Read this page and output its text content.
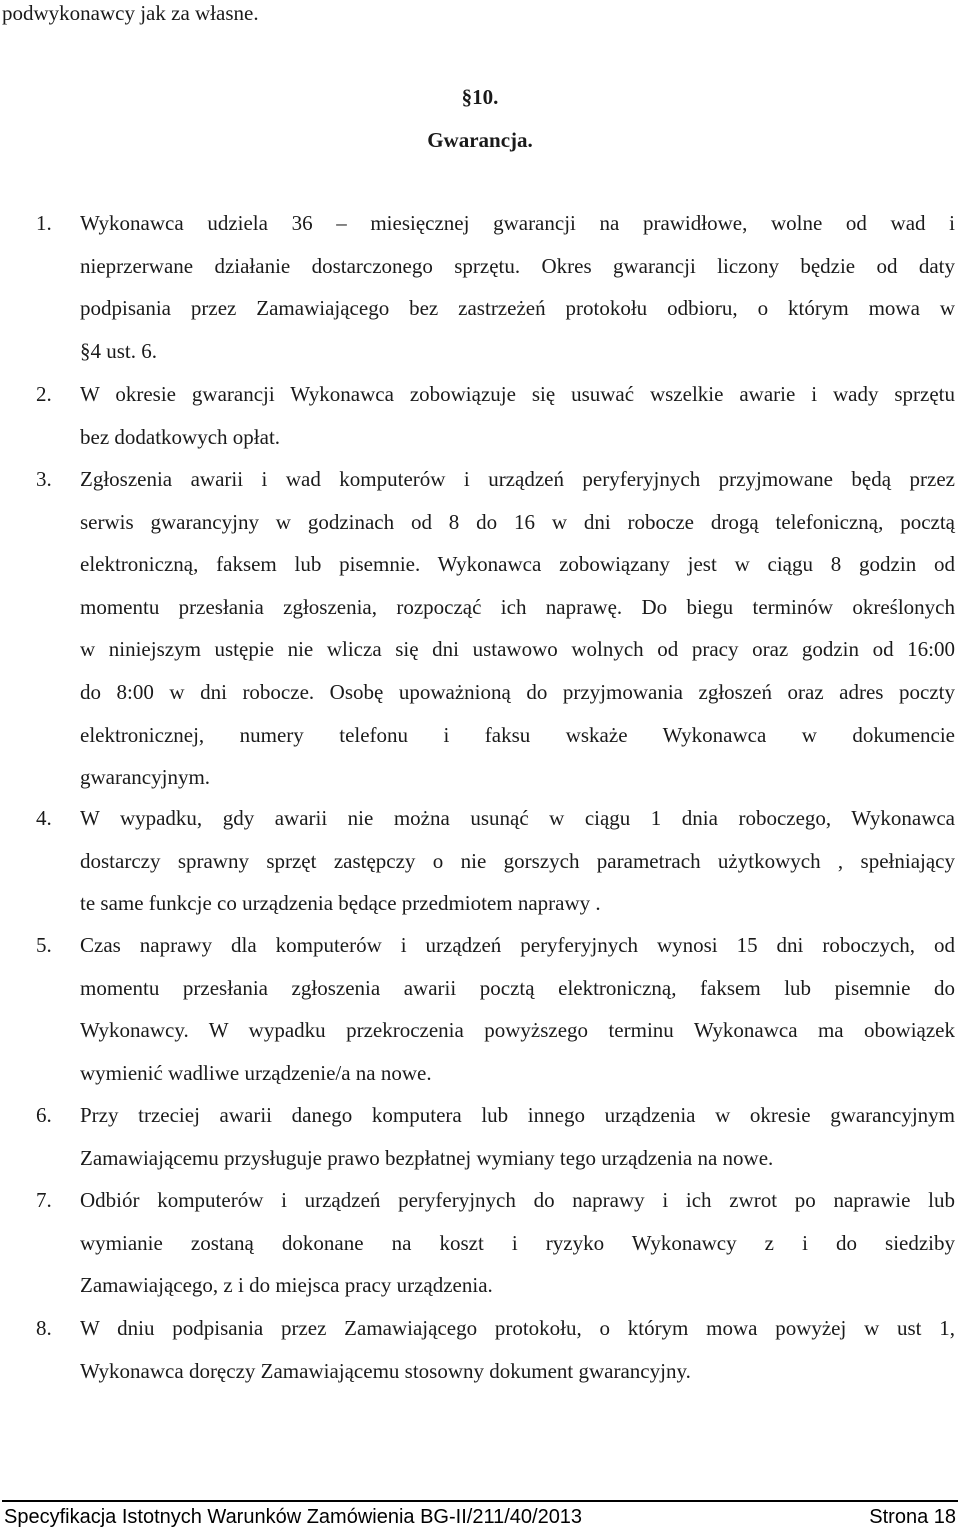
podwykonawcy jak za własne.
§10.
Gwarancja.
1. Wykonawca udziela 36 – miesięcznej gwarancji na prawidłowe, wolne od wad i
nieprzerwane działanie dostarczonego sprzętu. Okres gwarancji liczony będzie od daty
podpisania przez Zamawiającego bez zastrzeżeń protokołu odbioru, o którym mowa w
§4 ust. 6.
2. W okresie gwarancji Wykonawca zobowiązuje się usuwać wszelkie awarie i wady sprzętu
bez dodatkowych opłat.
3. Zgłoszenia awarii i wad komputerów i urządzeń peryferyjnych przyjmowane będą przez
serwis gwarancyjny w godzinach od 8 do 16 w dni robocze drogą telefoniczną, pocztą
elektroniczną, faksem lub pisemnie. Wykonawca zobowiązany jest w ciągu 8 godzin od
momentu przesłania zgłoszenia, rozpocząć ich naprawę. Do biegu terminów określonych
w niniejszym ustępie nie wlicza się dni ustawowo wolnych od pracy oraz godzin od 16:00
do 8:00 w dni robocze. Osobę upoważnioną do przyjmowania zgłoszeń oraz adres poczty
elektronicznej, numery telefonu i faksu wskaże Wykonawca w dokumencie
gwarancyjnym.
4. W wypadku, gdy awarii nie można usunąć w ciągu 1 dnia roboczego, Wykonawca
dostarczy sprawny sprzęt zastępczy o nie gorszych parametrach użytkowych , spełniający
te same funkcje co urządzenia będące przedmiotem naprawy .
5. Czas naprawy dla komputerów i urządzeń peryferyjnych wynosi 15 dni roboczych, od
momentu przesłania zgłoszenia awarii pocztą elektroniczną, faksem lub pisemnie do
Wykonawcy. W wypadku przekroczenia powyższego terminu Wykonawca ma obowiązek
wymienić wadliwe urządzenie/a na nowe.
6. Przy trzeciej awarii danego komputera lub innego urządzenia w okresie gwarancyjnym
Zamawiającemu przysługuje prawo bezpłatnej wymiany tego urządzenia na nowe.
7. Odbiór komputerów i urządzeń peryferyjnych do naprawy i ich zwrot po naprawie lub
wymianie zostaną dokonane na koszt i ryzyko Wykonawcy z i do siedziby
Zamawiającego, z i do miejsca pracy urządzenia.
8. W dniu podpisania przez Zamawiającego protokołu, o którym mowa powyżej w ust 1,
Wykonawca doręczy Zamawiającemu stosowny dokument gwarancyjny.
Specyfikacja Istotnych Warunków Zamówienia BG-II/211/40/2013	Strona 18
